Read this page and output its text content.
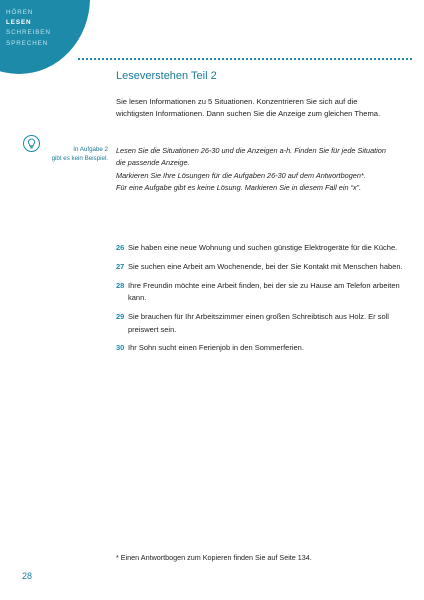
HÖREN
LESEN
SCHREIBEN
SPRECHEN
Leseverstehen Teil 2

Sie lesen Informationen zu 5 Situationen. Konzentrieren Sie sich auf die wichtigsten Informationen. Dann suchen Sie die Anzeige zum gleichen Thema.

Lesen Sie die Situationen 26-30 und die Anzeigen a-h. Finden Sie für jede Situation die passende Anzeige.

Markieren Sie Ihre Lösungen für die Aufgaben 26-30 auf dem Antwortbogen*.

Für eine Aufgabe gibt es keine Lösung. Markieren Sie in diesem Fall ein “x”.

In Aufgabe 2
gibt es kein Beispiel.
26 Sie haben eine neue Wohnung und suchen günstige Elektrogeräte für die Küche.
27 Sie suchen eine Arbeit am Wochenende, bei der Sie Kontakt mit Menschen haben.
28 Ihre Freundin möchte eine Arbeit finden, bei der sie zu Hause am Telefon arbeiten kann.
29 Sie brauchen für Ihr Arbeitszimmer einen großen Schreibtisch aus Holz. Er soll preiswert sein.
30 Ihr Sohn sucht einen Ferienjob in den Sommerferien.

* Einen Antwortbogen zum Kopieren finden Sie auf Seite 134.

28
